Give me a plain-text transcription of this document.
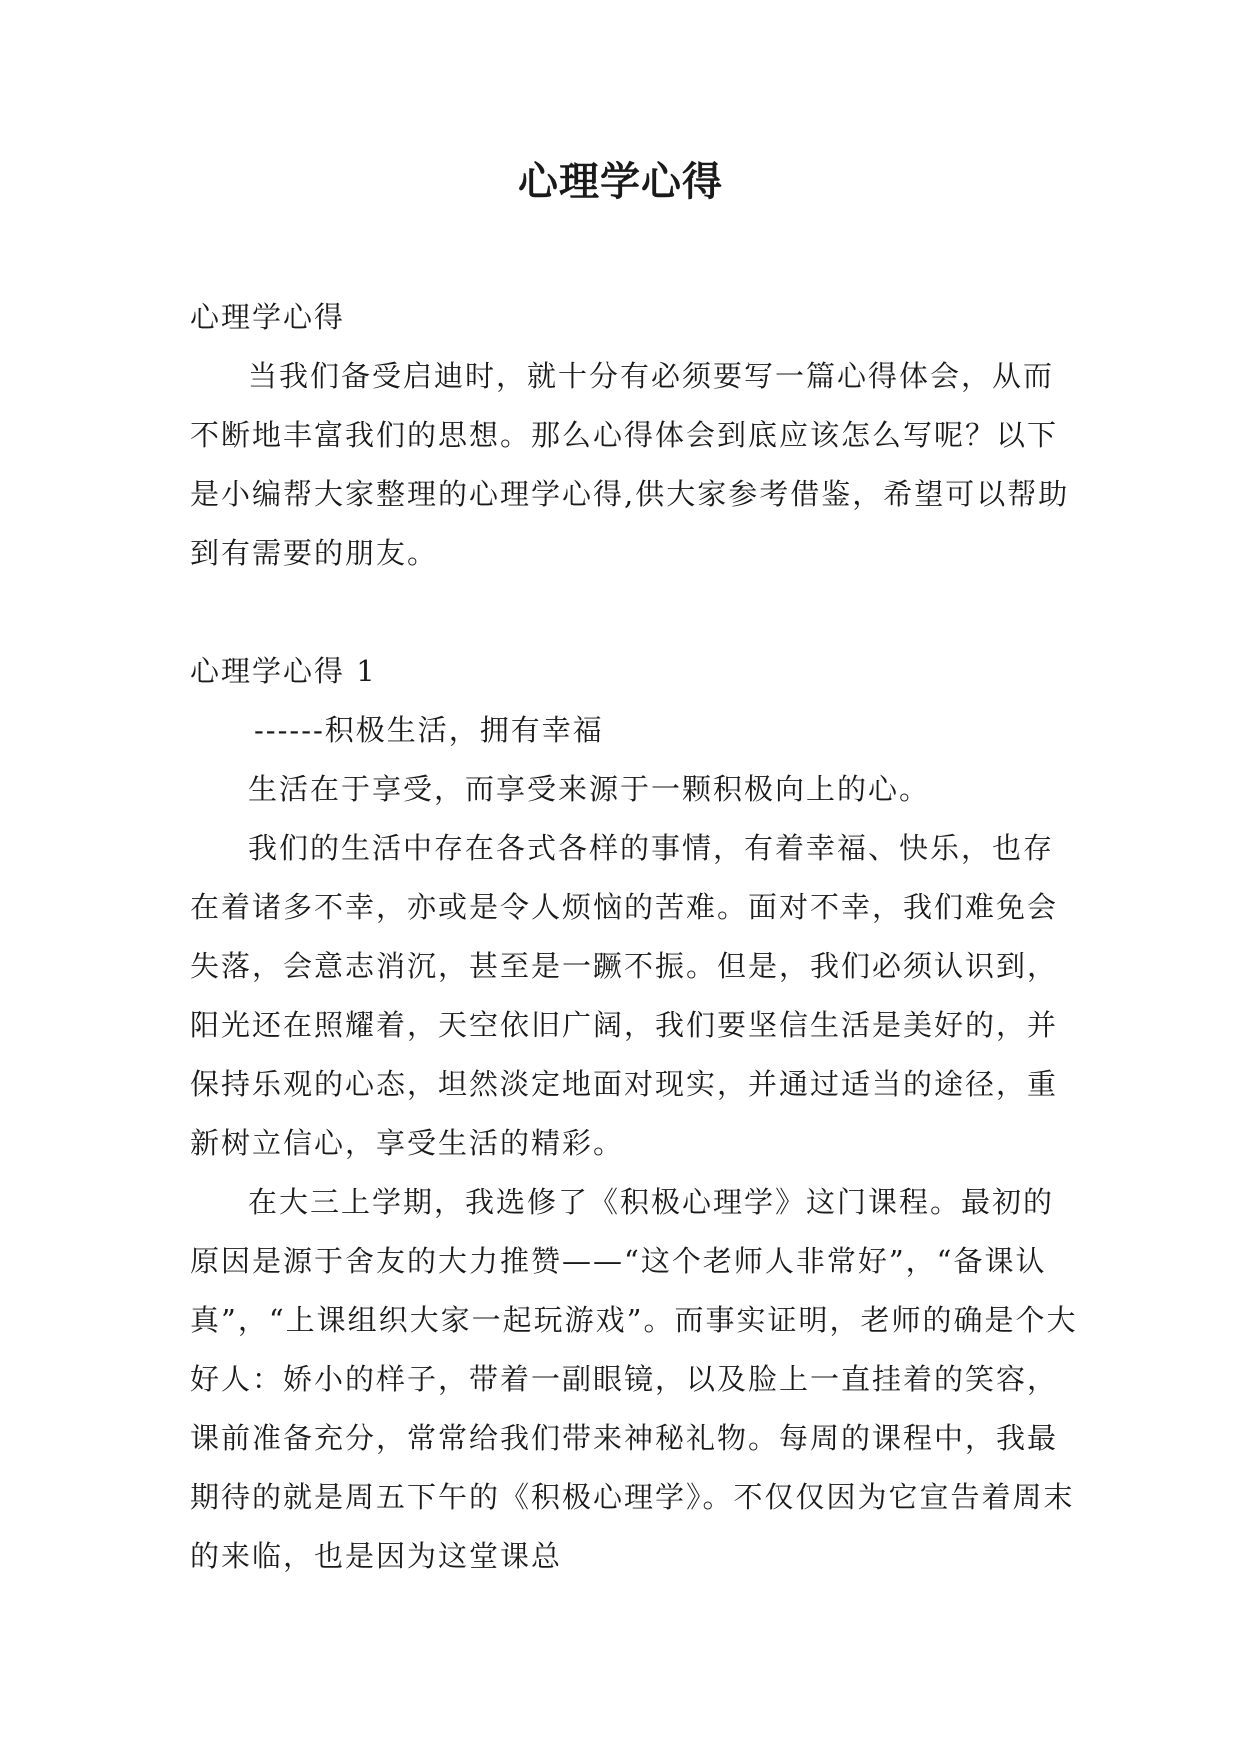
心理学心得

心理学心得

当我们备受启迪时，就十分有必须要写一篇心得体会，从而不断地丰富我们的思想。那么心得体会到底应该怎么写呢？以下是小编帮大家整理的心理学心得,供大家参考借鉴，希望可以帮助到有需要的朋友。

心理学心得 1

------积极生活，拥有幸福

生活在于享受，而享受来源于一颗积极向上的心。

我们的生活中存在各式各样的事情，有着幸福、快乐，也存在着诸多不幸，亦或是令人烦恼的苦难。面对不幸，我们难免会失落，会意志消沉，甚至是一蹶不振。但是，我们必须认识到，阳光还在照耀着，天空依旧广阔，我们要坚信生活是美好的，并保持乐观的心态，坦然淡定地面对现实，并通过适当的途径，重新树立信心，享受生活的精彩。

在大三上学期，我选修了《积极心理学》这门课程。最初的原因是源于舍友的大力推赞——“这个老师人非常好”，“备课认真”，“上课组织大家一起玩游戏”。而事实证明，老师的确是个大好人：娇小的样子，带着一副眼镜，以及脸上一直挂着的笑容，课前准备充分，常常给我们带来神秘礼物。每周的课程中，我最期待的就是周五下午的《积极心理学》。不仅仅因为它宣告着周末的来临，也是因为这堂课总
